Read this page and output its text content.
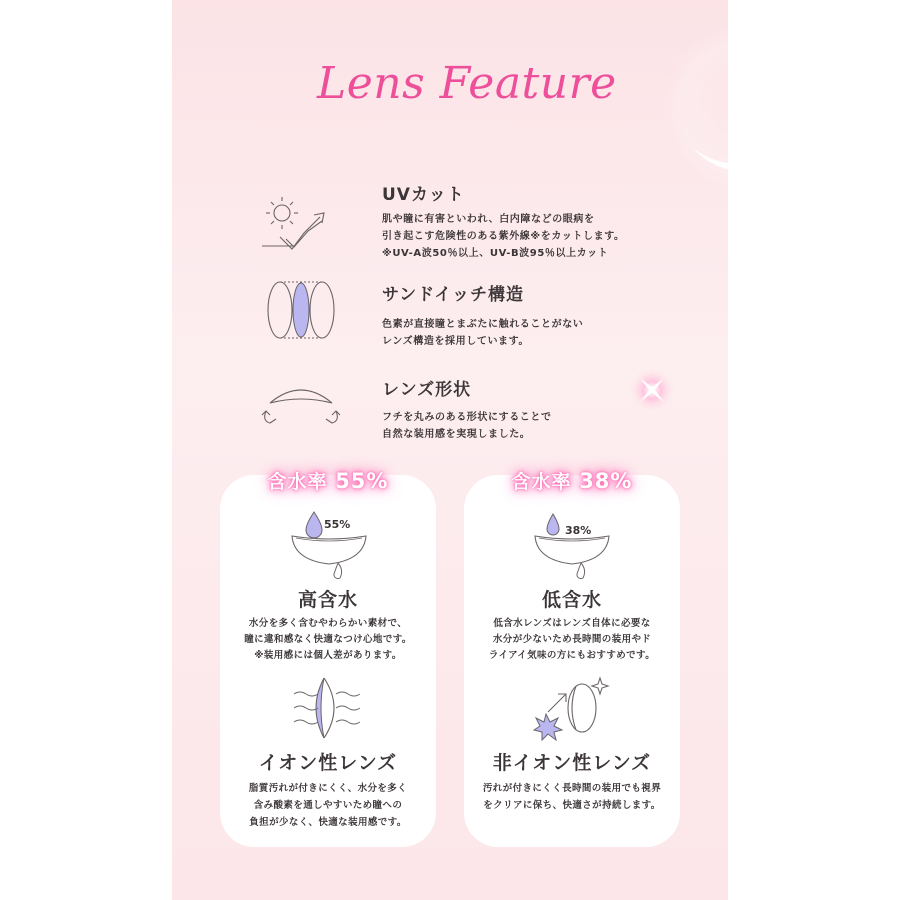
Lens Feature
UVカット
肌や瞳に有害といわれ、白内障などの眼病を
引き起こす危険性のある紫外線※をカットします。
※UV-A波50％以上、UV-B波95％以上カット
サンドイッチ構造
色素が直接瞳とまぶたに触れることがない
レンズ構造を採用しています。
レンズ形状
フチを丸みのある形状にすることで
自然な装用感を実現しました。
含水率 55%
55%
高含水
水分を多く含むやわらかい素材で、
瞳に違和感なく快適なつけ心地です。
※装用感には個人差があります。
イオン性レンズ
脂質汚れが付きにくく、水分を多く
含み酸素を通しやすいため瞳への
負担が少なく、快適な装用感です。
含水率 38%
38%
低含水
低含水レンズはレンズ自体に必要な
水分が少ないため長時間の装用やド
ライアイ気味の方にもおすすめです。
非イオン性レンズ
汚れが付きにくく長時間の装用でも視界
をクリアに保ち、快適さが持続します。
